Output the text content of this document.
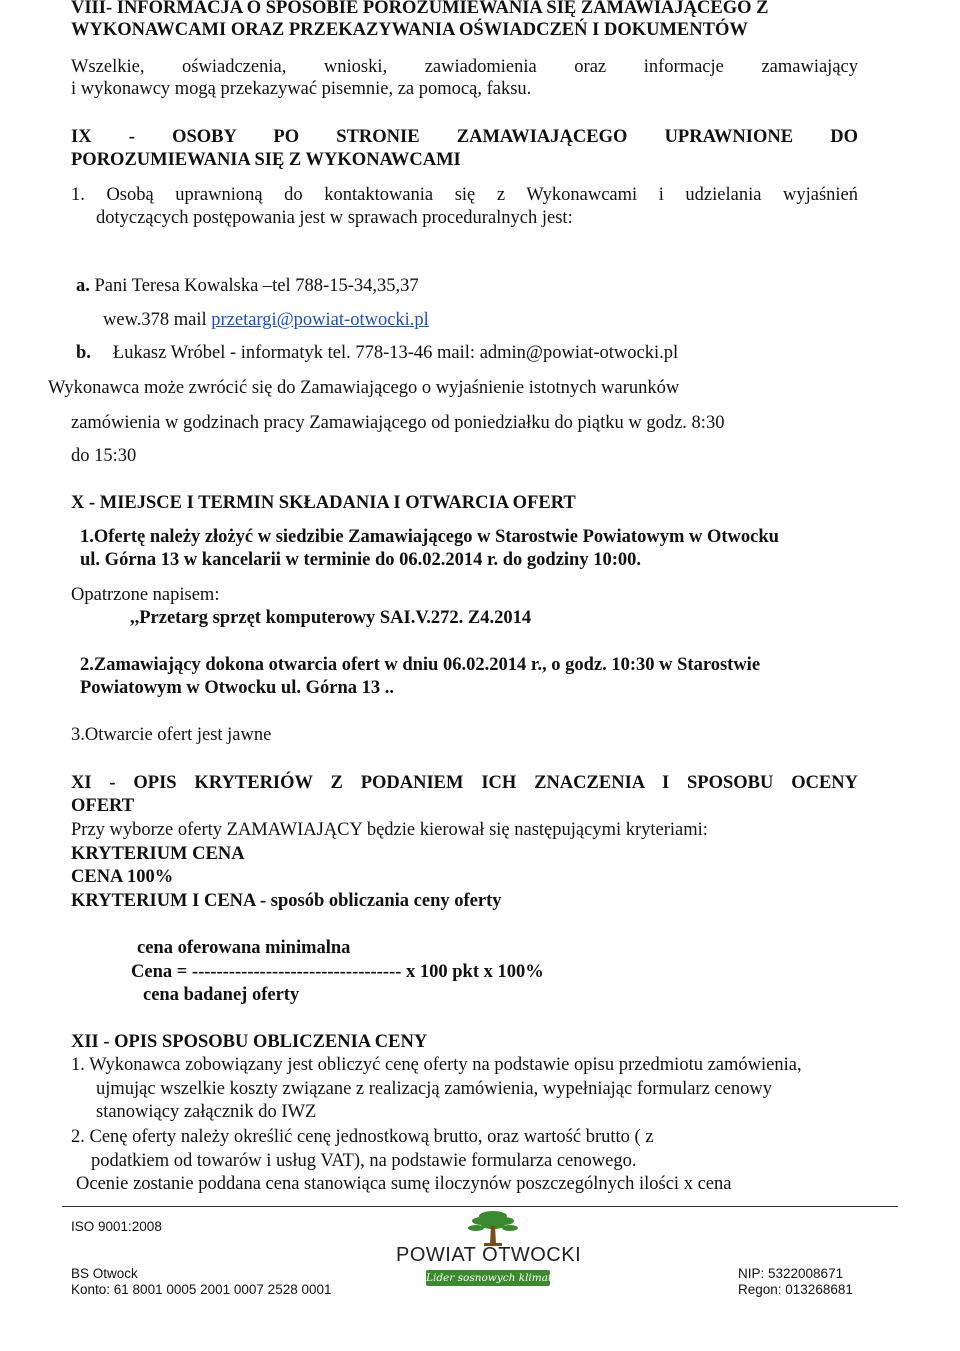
VIII- INFORMACJA O SPOSOBIE POROZUMIEWANIA SIĘ ZAMAWIAJĄCEGO Z
WYKONAWCAMI ORAZ PRZEKAZYWANIA OŚWIADCZEŃ I DOKUMENTÓW
Wszelkie, oświadczenia, wnioski, zawiadomienia oraz informacje zamawiający
i wykonawcy mogą przekazywać pisemnie, za pomocą, faksu.
IX - OSOBY PO STRONIE ZAMAWIAJĄCEGO UPRAWNIONE DO
POROZUMIEWANIA SIĘ Z WYKONAWCAMI
1. Osobą uprawnioną do kontaktowania się z Wykonawcami i udzielania wyjaśnień
dotyczących postępowania jest w sprawach proceduralnych jest:
a. Pani Teresa Kowalska –tel 788-15-34,35,37
wew.378 mail przetargi@powiat-otwocki.pl
b. Łukasz Wróbel - informatyk tel. 778-13-46 mail: admin@powiat-otwocki.pl
Wykonawca może zwrócić się do Zamawiającego o wyjaśnienie istotnych warunków
zamówienia w godzinach pracy Zamawiającego od poniedziałku do piątku w godz. 8:30
do 15:30
X - MIEJSCE I TERMIN SKŁADANIA I OTWARCIA OFERT
1.Ofertę należy złożyć w siedzibie Zamawiającego w Starostwie Powiatowym w Otwocku
ul. Górna 13 w kancelarii w terminie do 06.02.2014 r. do godziny 10:00.
Opatrzone napisem:
,,Przetarg sprzęt komputerowy SAI.V.272. Z4.2014
2.Zamawiający dokona otwarcia ofert w dniu 06.02.2014 r., o godz. 10:30 w Starostwie
Powiatowym w Otwocku ul. Górna 13 ..
3.Otwarcie ofert jest jawne
XI - OPIS KRYTERIÓW Z PODANIEM ICH ZNACZENIA I SPOSOBU OCENY
OFERT
Przy wyborze oferty ZAMAWIAJĄCY będzie kierował się następującymi kryteriami:
KRYTERIUM CENA
CENA 100%
KRYTERIUM I CENA - sposób obliczania ceny oferty
cena oferowana minimalna
Cena = ---------------------------------- x 100 pkt x 100%
cena badanej oferty
XII - OPIS SPOSOBU OBLICZENIA CENY
1. Wykonawca zobowiązany jest obliczyć cenę oferty na podstawie opisu przedmiotu zamówienia,
ujmując wszelkie koszty związane z realizacją zamówienia, wypełniając formularz cenowy
stanowiący załącznik do IWZ
2. Cenę oferty należy określić cenę jednostkową brutto, oraz wartość brutto ( z
podatkiem od towarów i usług VAT), na podstawie formularza cenowego.
Ocenie zostanie poddana cena stanowiąca sumę iloczynów poszczególnych ilości x cena
ISO 9001:2008
BS Otwock
Konto: 61 8001 0005 2001 0007 2528 0001
NIP: 5322008671
Regon: 013268681
POWIAT OTWOCKI
Lider sosnowych klimatów
